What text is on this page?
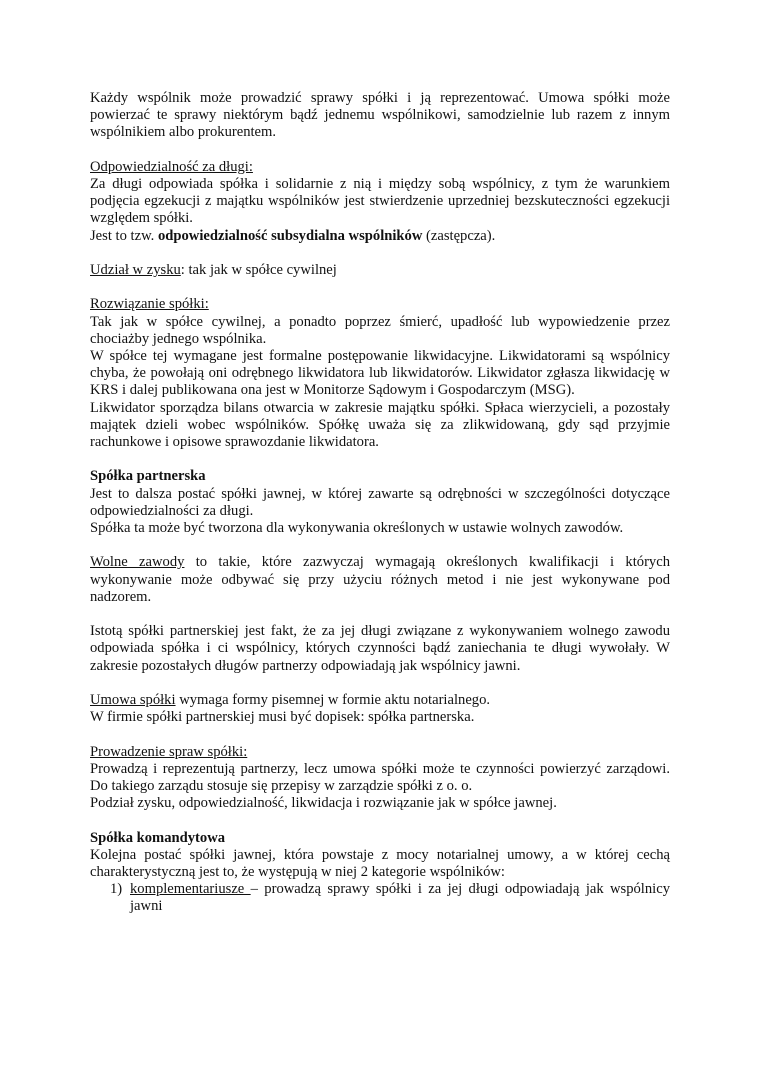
Każdy wspólnik może prowadzić sprawy spółki i ją reprezentować. Umowa spółki może powierzać te sprawy niektórym bądź jednemu wspólnikowi, samodzielnie lub razem z innym wspólnikiem albo prokurentem.

Odpowiedzialność za długi:

Za długi odpowiada spółka i solidarnie z nią i między sobą wspólnicy, z tym że warunkiem podjęcia egzekucji z majątku wspólników jest stwierdzenie uprzedniej bezskuteczności egzekucji względem spółki.

Jest to tzw. odpowiedzialność subsydialna wspólników (zastępcza).

Udział w zysku: tak jak w spółce cywilnej

Rozwiązanie spółki:

Tak jak w spółce cywilnej, a ponadto poprzez śmierć, upadłość lub wypowiedzenie przez chociażby jednego wspólnika.

W spółce tej wymagane jest formalne postępowanie likwidacyjne. Likwidatorami są wspólnicy chyba, że powołają oni odrębnego likwidatora lub likwidatorów. Likwidator zgłasza likwidację w KRS i dalej publikowana ona jest w Monitorze Sądowym i Gospodarczym (MSG).

Likwidator sporządza bilans otwarcia w zakresie majątku spółki. Spłaca wierzycieli, a pozostały majątek dzieli wobec wspólników. Spółkę uważa się za zlikwidowaną, gdy sąd przyjmie rachunkowe i opisowe sprawozdanie likwidatora.

Spółka partnerska

Jest to dalsza postać spółki jawnej, w której zawarte są odrębności w szczególności dotyczące odpowiedzialności za długi.

Spółka ta może być tworzona dla wykonywania określonych w ustawie wolnych zawodów.

Wolne zawody to takie, które zazwyczaj wymagają określonych kwalifikacji i których wykonywanie może odbywać się przy użyciu różnych metod i nie jest wykonywane pod nadzorem.

Istotą spółki partnerskiej jest fakt, że za jej długi związane z wykonywaniem wolnego zawodu odpowiada spółka i ci wspólnicy, których czynności bądź zaniechania te długi wywołały. W zakresie pozostałych długów partnerzy odpowiadają jak wspólnicy jawni.

Umowa spółki wymaga formy pisemnej w formie aktu notarialnego.

W firmie spółki partnerskiej musi być dopisek: spółka partnerska.

Prowadzenie spraw spółki:

Prowadzą i reprezentują partnerzy, lecz umowa spółki może te czynności powierzyć zarządowi. Do takiego zarządu stosuje się przepisy w zarządzie spółki z o. o.

Podział zysku, odpowiedzialność, likwidacja i rozwiązanie jak w spółce jawnej.

Spółka komandytowa

Kolejna postać spółki jawnej, która powstaje z mocy notarialnej umowy, a w której cechą charakterystyczną jest to, że występują w niej 2 kategorie wspólników:

1) komplementariusze – prowadzą sprawy spółki i za jej długi odpowiadają jak wspólnicy jawni
